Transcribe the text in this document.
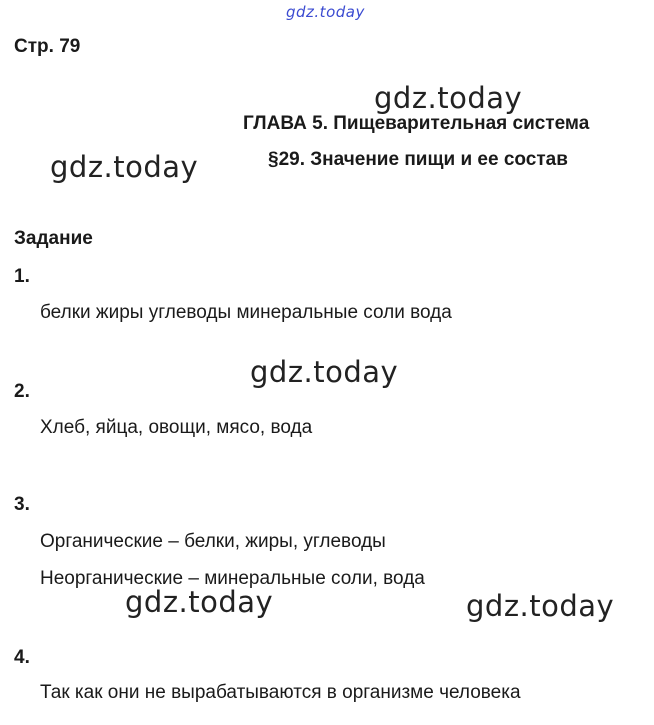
gdz.today
Стр. 79
ГЛАВА 5. Пищеварительная система
§29. Значение пищи и ее состав
Задание
1.
белки жиры углеводы минеральные соли вода
2.
Хлеб, яйца, овощи, мясо, вода
3.
Органические – белки, жиры, углеводы
Неорганические – минеральные соли, вода
4.
Так как они не вырабатываются в организме человека
gdz.today
gdz.today
gdz.today
gdz.today	gdz.today
